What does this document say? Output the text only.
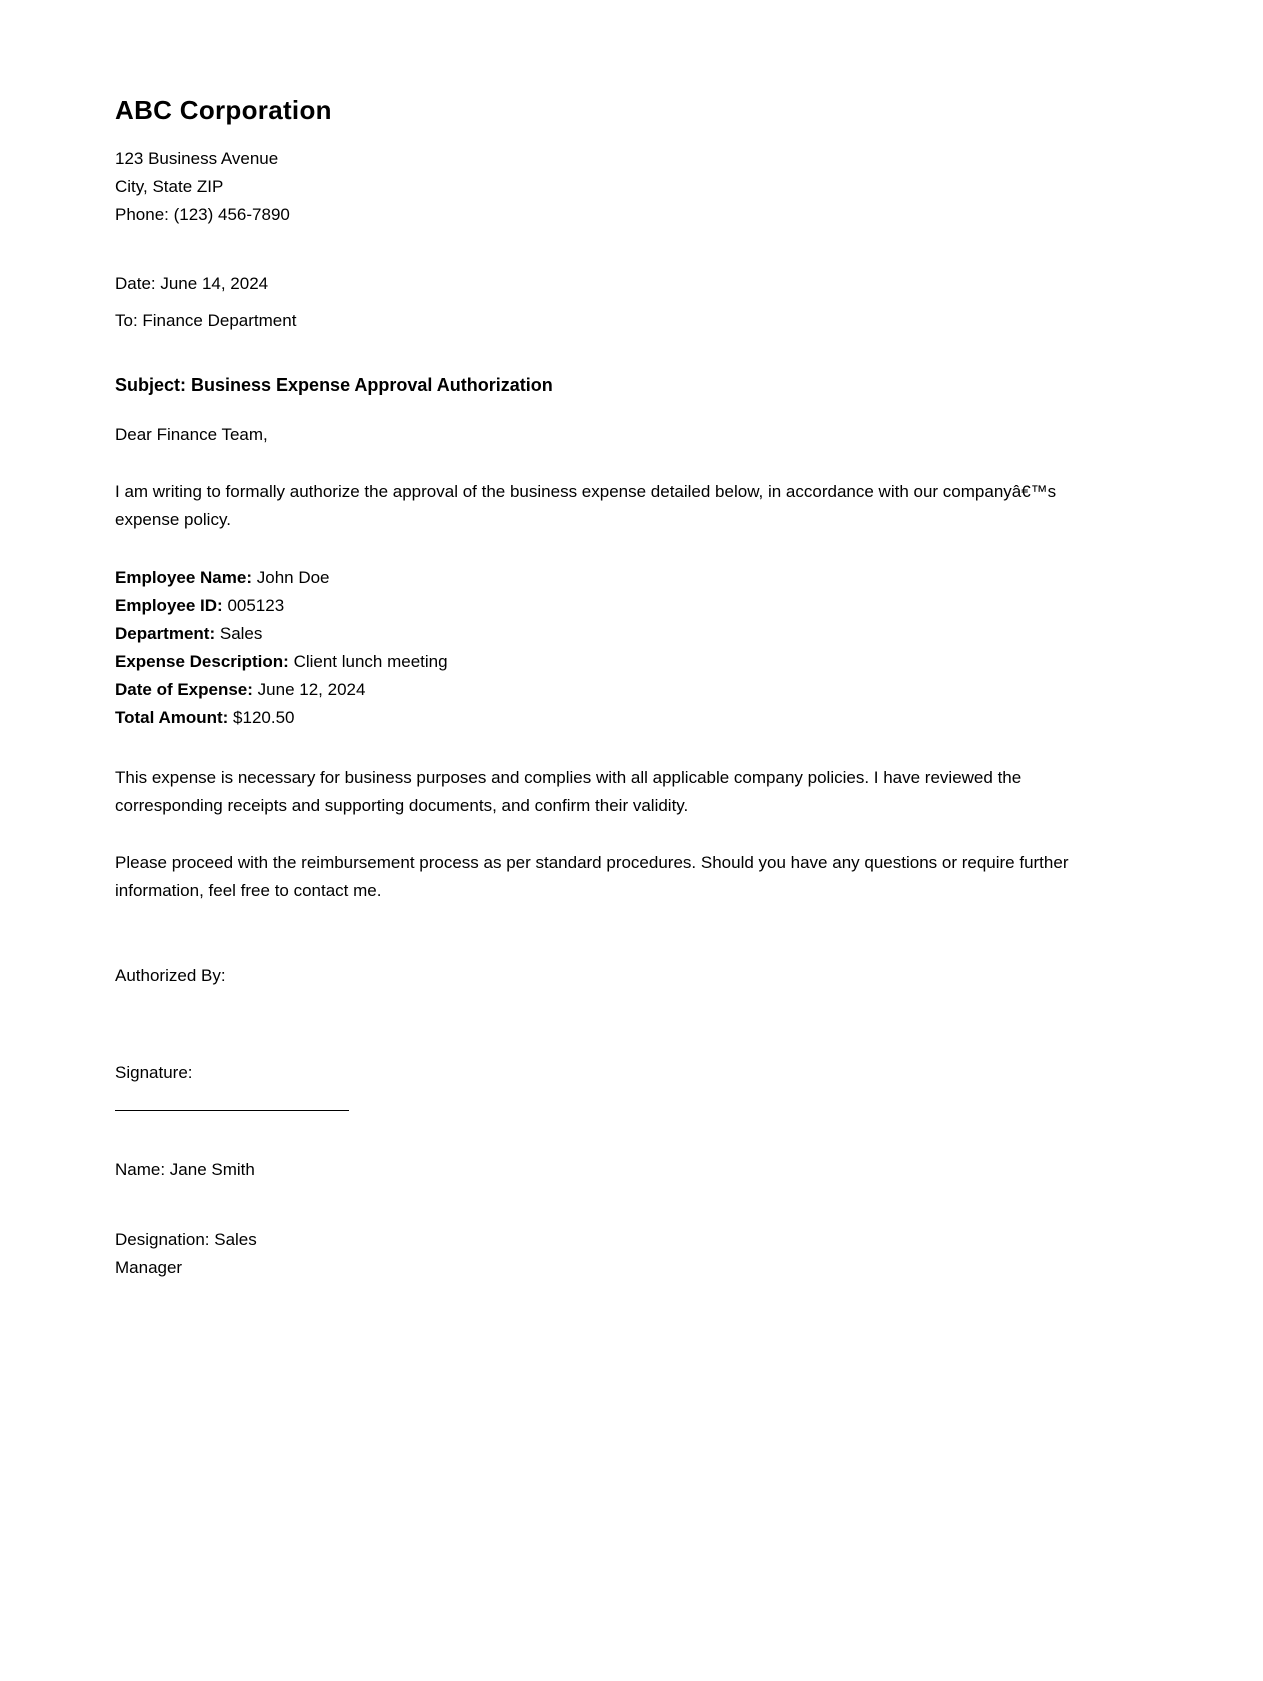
ABC Corporation
123 Business Avenue
City, State ZIP
Phone: (123) 456-7890
Date: June 14, 2024
To: Finance Department
Subject: Business Expense Approval Authorization
Dear Finance Team,

I am writing to formally authorize the approval of the business expense detailed below, in accordance with our companyâ€™s expense policy.

Employee Name: John Doe
Employee ID: 005123
Department: Sales
Expense Description: Client lunch meeting
Date of Expense: June 12, 2024
Total Amount: $120.50

This expense is necessary for business purposes and complies with all applicable company policies. I have reviewed the corresponding receipts and supporting documents, and confirm their validity.

Please proceed with the reimbursement process as per standard procedures. Should you have any questions or require further information, feel free to contact me.

Authorized By:
Signature:
Name: Jane Smith
Designation: Sales Manager
